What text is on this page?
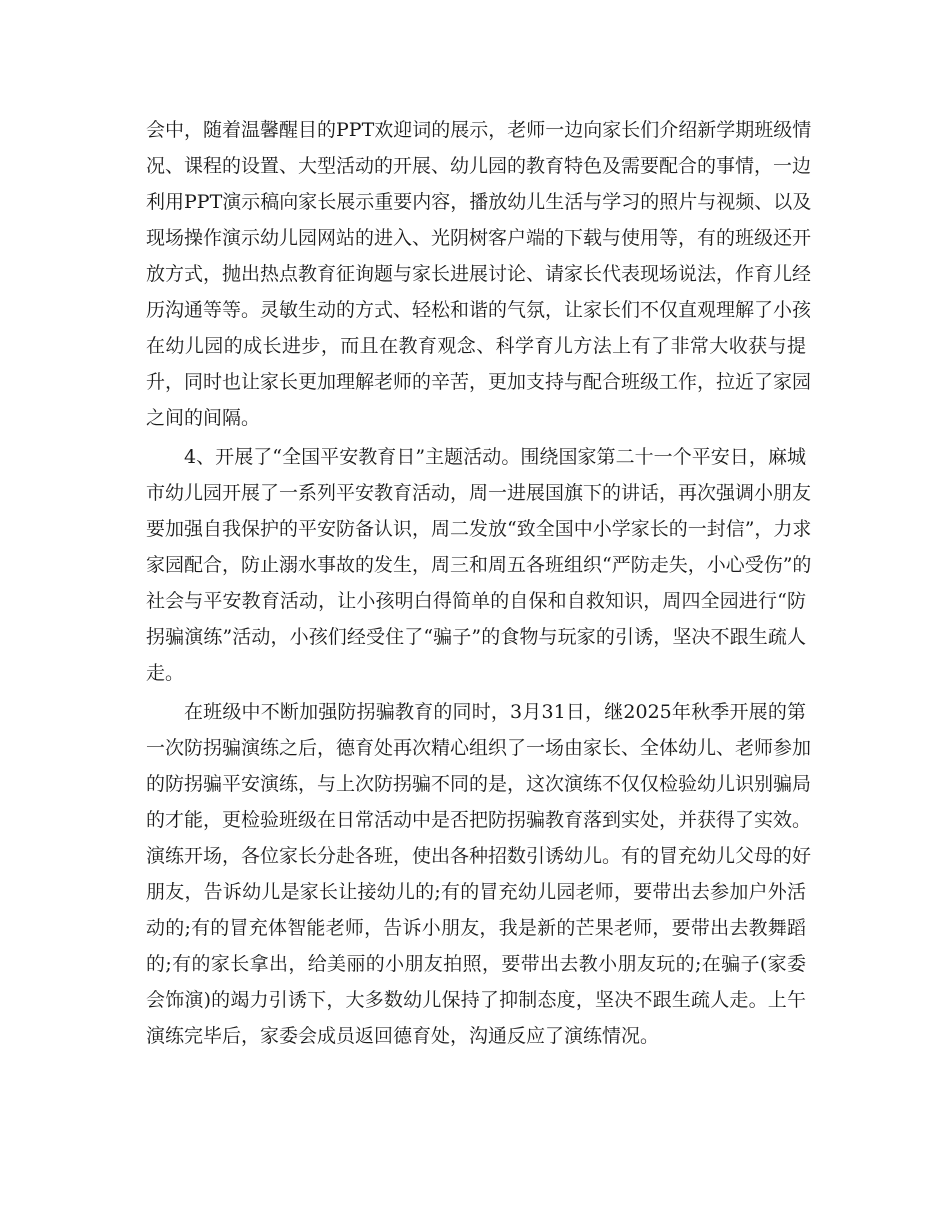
会中，随着温馨醒目的PPT欢迎词的展示，老师一边向家长们介绍新学期班级情
况、课程的设置、大型活动的开展、幼儿园的教育特色及需要配合的事情，一边
利用PPT演示稿向家长展示重要内容，播放幼儿生活与学习的照片与视频、以及
现场操作演示幼儿园网站的进入、光阴树客户端的下载与使用等，有的班级还开
放方式，抛出热点教育征询题与家长进展讨论、请家长代表现场说法，作育儿经
历沟通等等。灵敏生动的方式、轻松和谐的气氛，让家长们不仅直观理解了小孩
在幼儿园的成长进步，而且在教育观念、科学育儿方法上有了非常大收获与提
升，同时也让家长更加理解老师的辛苦，更加支持与配合班级工作，拉近了家园
之间的间隔。
4、开展了“全国平安教育日”主题活动。围绕国家第二十一个平安日，麻城
市幼儿园开展了一系列平安教育活动，周一进展国旗下的讲话，再次强调小朋友
要加强自我保护的平安防备认识，周二发放“致全国中小学家长的一封信”，力求
家园配合，防止溺水事故的发生，周三和周五各班组织“严防走失，小心受伤”的
社会与平安教育活动，让小孩明白得简单的自保和自救知识，周四全园进行“防
拐骗演练”活动，小孩们经受住了“骗子”的食物与玩家的引诱，坚决不跟生疏人
走。
在班级中不断加强防拐骗教育的同时，3月31日，继2025年秋季开展的第
一次防拐骗演练之后，德育处再次精心组织了一场由家长、全体幼儿、老师参加
的防拐骗平安演练，与上次防拐骗不同的是，这次演练不仅仅检验幼儿识别骗局
的才能，更检验班级在日常活动中是否把防拐骗教育落到实处，并获得了实效。
演练开场，各位家长分赴各班，使出各种招数引诱幼儿。有的冒充幼儿父母的好
朋友，告诉幼儿是家长让接幼儿的;有的冒充幼儿园老师，要带出去参加户外活
动的;有的冒充体智能老师，告诉小朋友，我是新的芒果老师，要带出去教舞蹈
的;有的家长拿出，给美丽的小朋友拍照，要带出去教小朋友玩的;在骗子(家委
会饰演)的竭力引诱下，大多数幼儿保持了抑制态度，坚决不跟生疏人走。上午
演练完毕后，家委会成员返回德育处，沟通反应了演练情况。
